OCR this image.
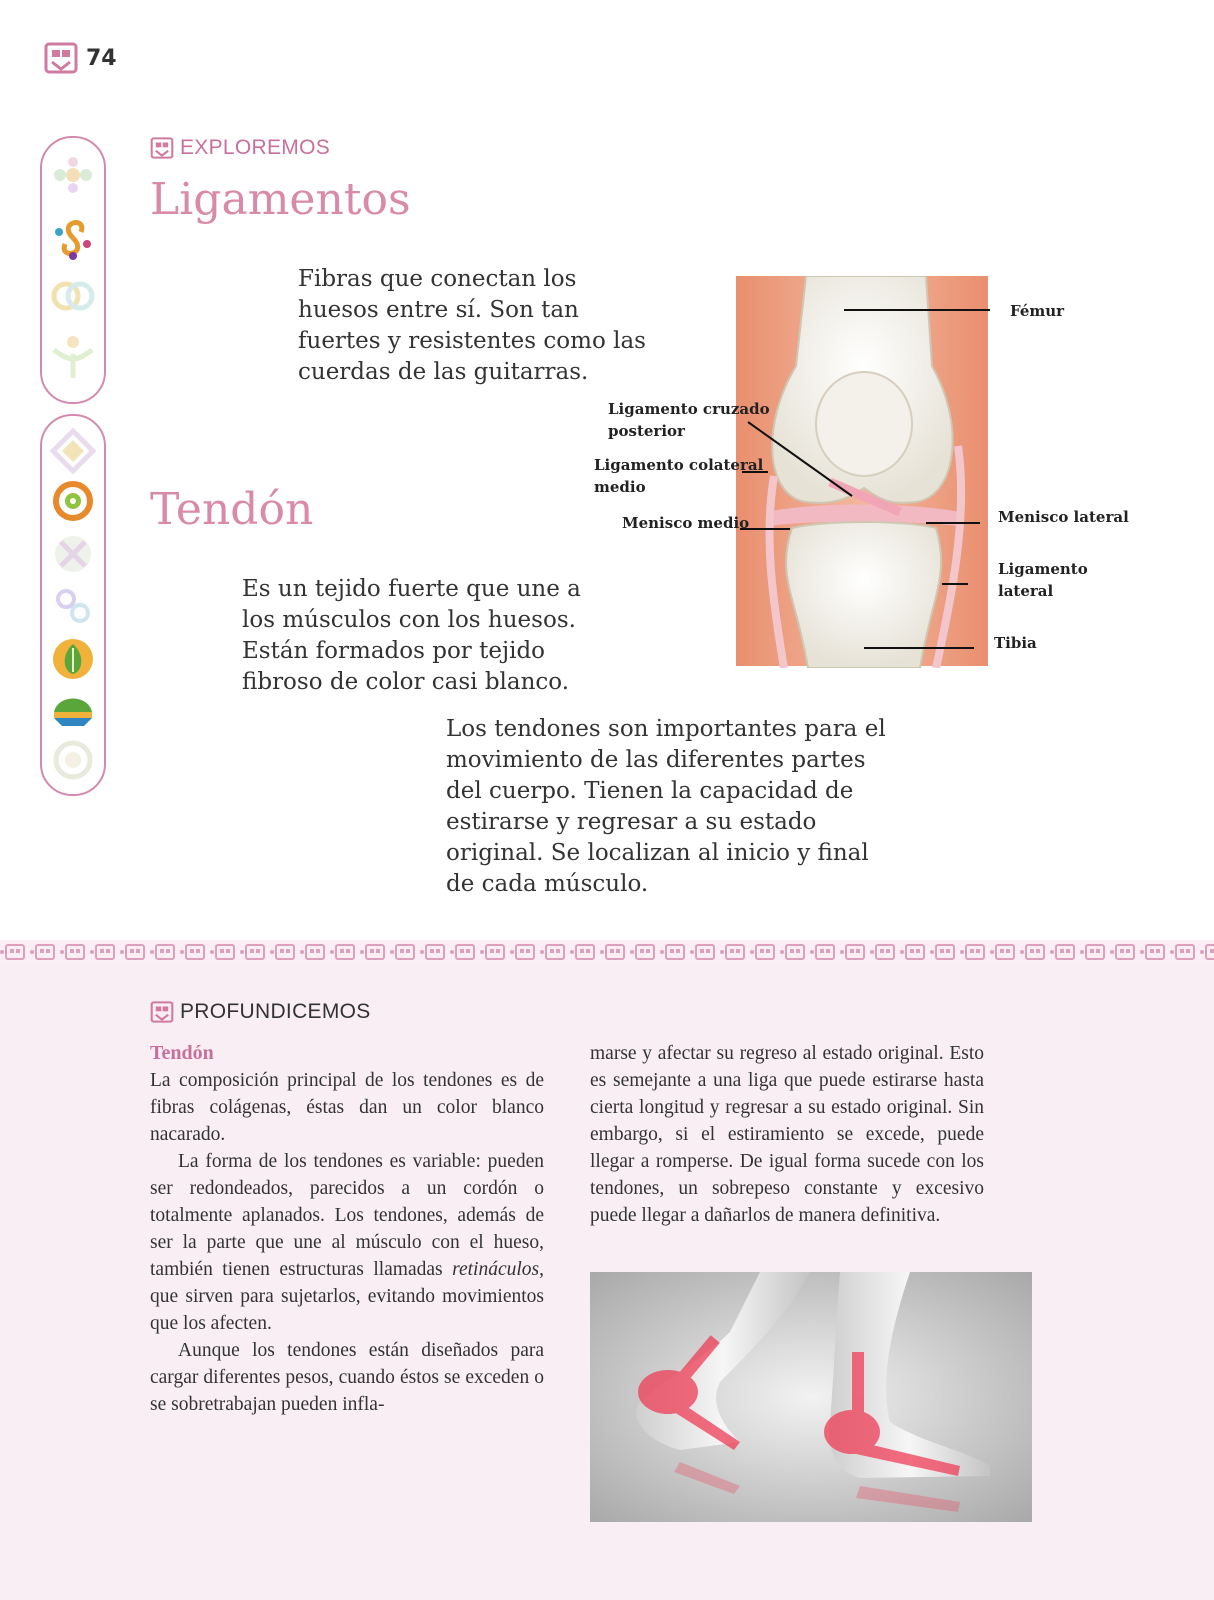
74
EXPLOREMOS
Ligamentos
Fibras que conectan los
huesos entre sí. Son tan
fuertes y resistentes como las
cuerdas de las guitarras.
Tendón
Es un tejido fuerte que une a
los músculos con los huesos.
Están formados por tejido
fibroso de color casi blanco.
Los tendones son importantes para el
movimiento de las diferentes partes
del cuerpo. Tienen la capacidad de
estirarse y regresar a su estado
original. Se localizan al inicio y final
de cada músculo.
Fémur
Ligamento cruzado
posterior
Ligamento colateral
medio
Menisco medio	Menisco lateral
Ligamento
lateral
Tibia
PROFUNDICEMOS

Tendón

La composición principal de los tendones es de fibras colágenas, éstas dan un color blanco nacarado.

La forma de los tendones es variable: pueden ser redondeados, parecidos a un cordón o totalmente aplanados. Los tendones, además de ser la parte que une al músculo con el hueso, también tienen estructuras llamadas retináculos, que sirven para sujetarlos, evitando movimientos que los afecten.

Aunque los tendones están diseñados para cargar diferentes pesos, cuando éstos se exceden o se sobretrabajan pueden infla-

marse y afectar su regreso al estado original. Esto es semejante a una liga que puede estirarse hasta cierta longitud y regresar a su estado original. Sin embargo, si el estiramiento se excede, puede llegar a romperse. De igual forma sucede con los tendones, un sobrepeso constante y excesivo puede llegar a dañarlos de manera definitiva.
